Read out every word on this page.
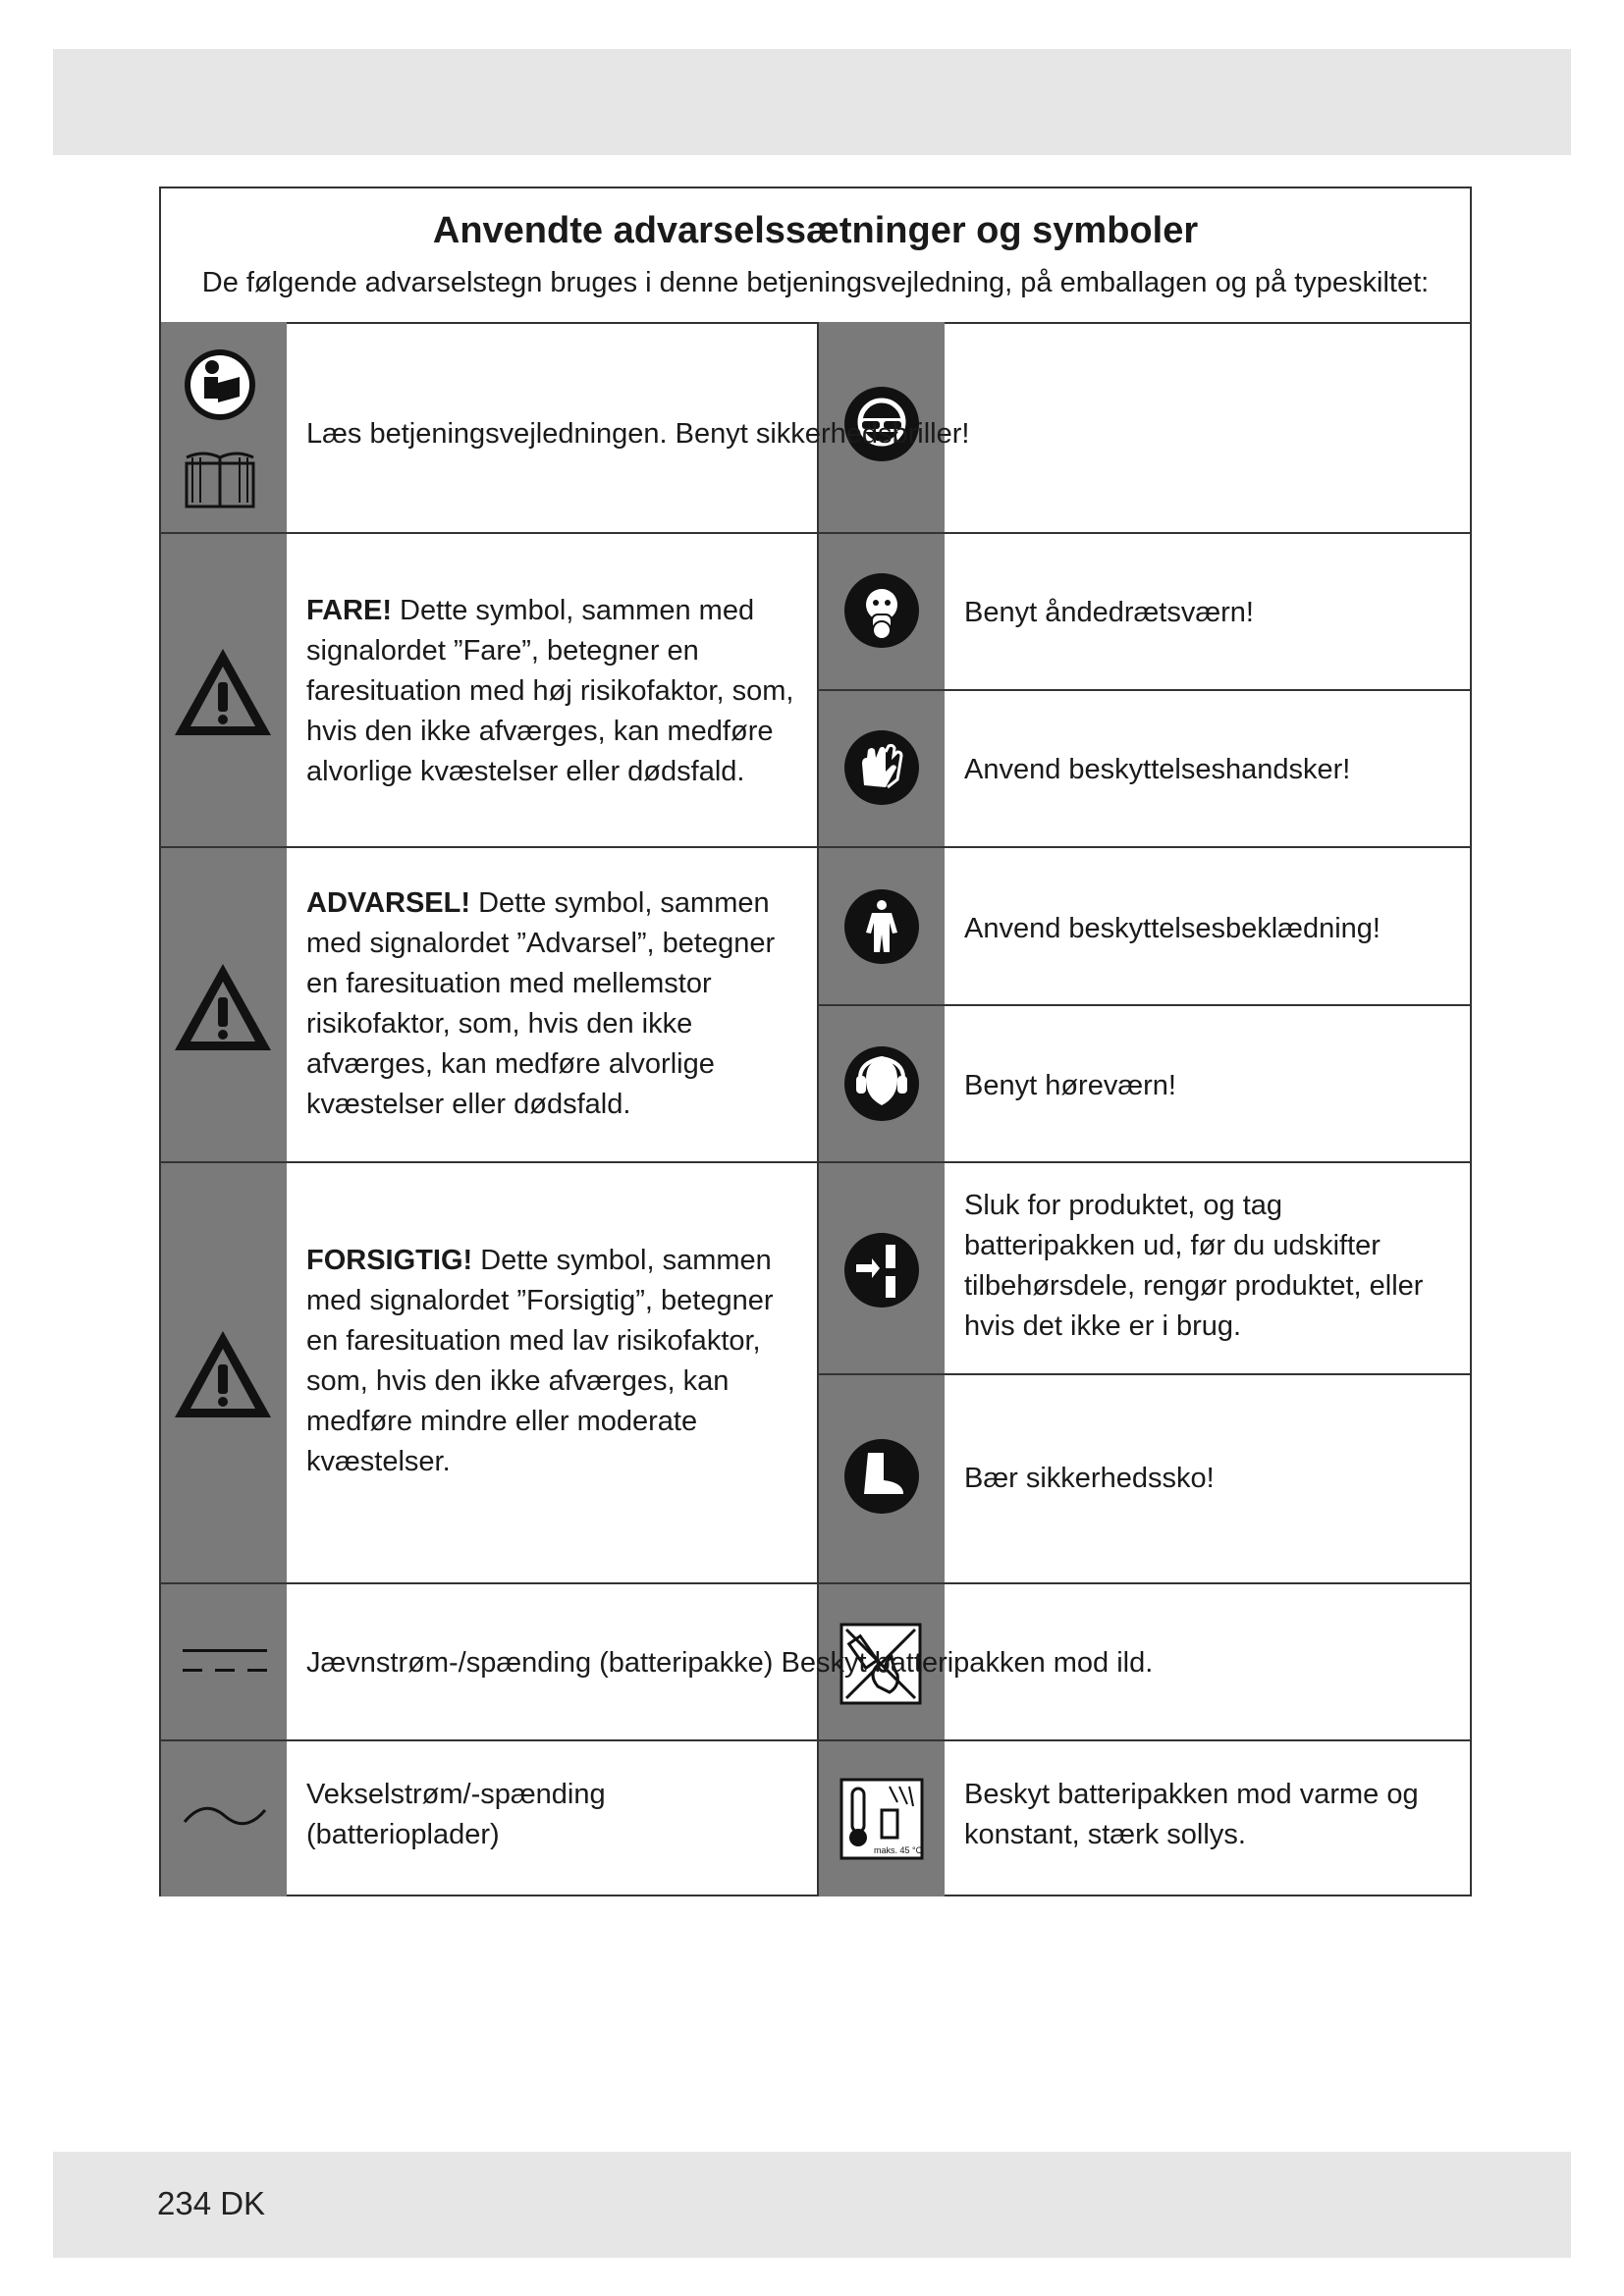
Anvendte advarselssætninger og symboler
De følgende advarselstegn bruges i denne betjeningsvejledning, på emballagen og på typeskiltet:
Læs betjeningsvejledningen. Benyt sikkerhedsbriller!
FARE! Dette symbol, sammen med signalordet ”Fare”, betegner en faresituation med høj risikofaktor, som, hvis den ikke afværges, kan medføre alvorlige kvæstelser eller dødsfald.
Benyt åndedrætsværn!
Anvend beskyttelseshandsker!
ADVARSEL! Dette symbol, sammen med signalordet ”Advarsel”, betegner en faresituation med mellemstor risikofaktor, som, hvis den ikke afværges, kan medføre alvorlige kvæstelser eller dødsfald.
Anvend beskyttelsesbeklædning!
Benyt høreværn!
FORSIGTIG! Dette symbol, sammen med signalordet ”Forsigtig”, betegner en faresituation med lav risikofaktor, som, hvis den ikke afværges, kan medføre mindre eller moderate kvæstelser.
Sluk for produktet, og tag batteripakken ud, før du udskifter tilbehørsdele, rengør produktet, eller hvis det ikke er i brug.
Bær sikkerhedssko!
Jævnstrøm-/spænding (batteripakke) Beskyt batteripakken mod ild.
Vekselstrøm/-spænding (batterioplader)	maks. 45 °C
Beskyt batteripakken mod varme og konstant, stærk sollys.
234 DK
